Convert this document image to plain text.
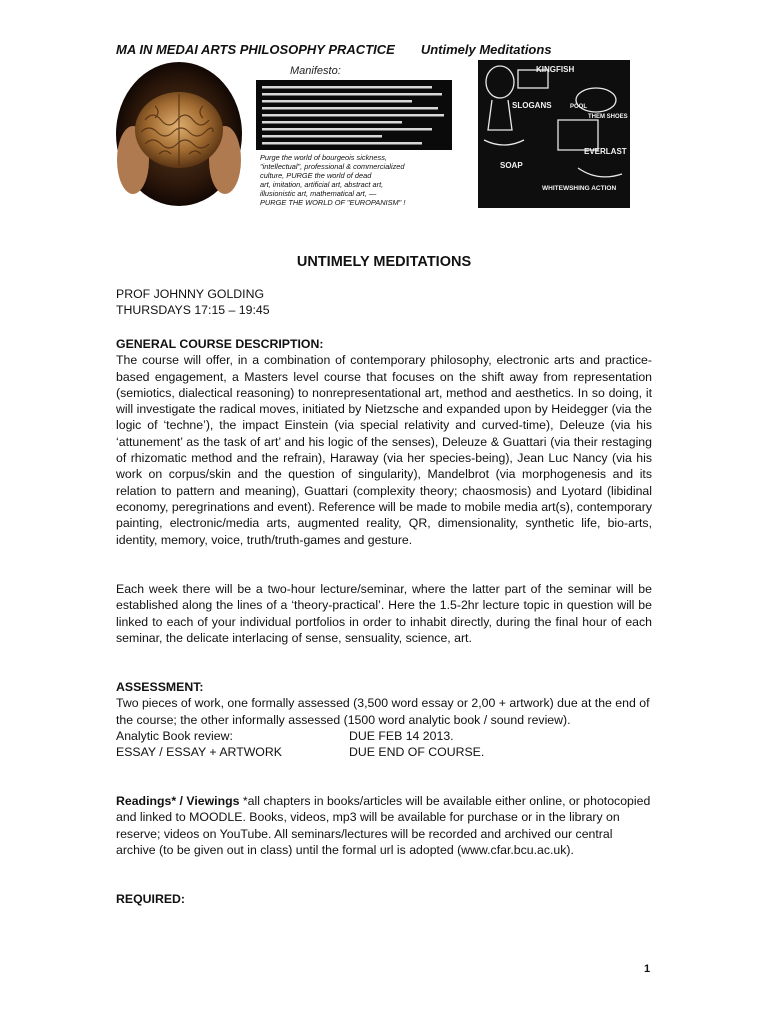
MA IN MEDAI ARTS PHILOSOPHY PRACTICE Untimely Meditations
Manifesto:
Purge the world of bourgeois sickness,
"intellectual", professional & commercialized
culture, PURGE the world of dead
art, imitation, artificial art, abstract art,
illusionistic art, mathematical art, —
PURGE THE WORLD OF "EUROPANISM" !
KINGFISH
SLOGANS	POOL
THEM SHOES
EVERLAST
SOAP
WHITEWSHING ACTION
UNTIMELY MEDITATIONS
PROF JOHNNY GOLDING
THURSDAYS 17:15 – 19:45
GENERAL COURSE DESCRIPTION:
The course will offer, in a combination of contemporary philosophy, electronic arts and practice-based engagement, a Masters level course that focuses on the shift away from representation (semiotics, dialectical reasoning) to nonrepresentational art, method and aesthetics. In so doing, it will investigate the radical moves, initiated by Nietzsche and expanded upon by Heidegger (via the logic of ‘techne’), the impact Einstein (via special relativity and curved-time), Deleuze (via his ‘attunement’ as the task of art’ and his logic of the senses), Deleuze & Guattari (via their restaging of rhizomatic method and the refrain), Haraway (via her species-being), Jean Luc Nancy (via his work on corpus/skin and the question of singularity), Mandelbrot (via morphogenesis and its relation to pattern and meaning), Guattari (complexity theory; chaosmosis) and Lyotard (libidinal economy, peregrinations and event). Reference will be made to mobile media art(s), contemporary painting, electronic/media arts, augmented reality, QR, dimensionality, synthetic life, bio-arts, identity, memory, voice, truth/truth-games and gesture.
Each week there will be a two-hour lecture/seminar, where the latter part of the seminar will be established along the lines of a ‘theory-practical’. Here the 1.5-2hr lecture topic in question will be linked to each of your individual portfolios in order to inhabit directly, during the final hour of each seminar, the delicate interlacing of sense, sensuality, science, art.
ASSESSMENT:
Two pieces of work, one formally assessed (3,500 word essay or 2,00 + artwork) due at the end of the course; the other informally assessed (1500 word analytic book / sound review).
Analytic Book review:	DUE FEB 14 2013.
ESSAY / ESSAY + ARTWORK	DUE END OF COURSE.
Readings* / Viewings *all chapters in books/articles will be available either online, or photocopied and linked to MOODLE. Books, videos, mp3 will be available for purchase or in the library on reserve; videos on YouTube. All seminars/lectures will be recorded and archived our central archive (to be given out in class) until the formal url is adopted (www.cfar.bcu.ac.uk).
REQUIRED:
1
